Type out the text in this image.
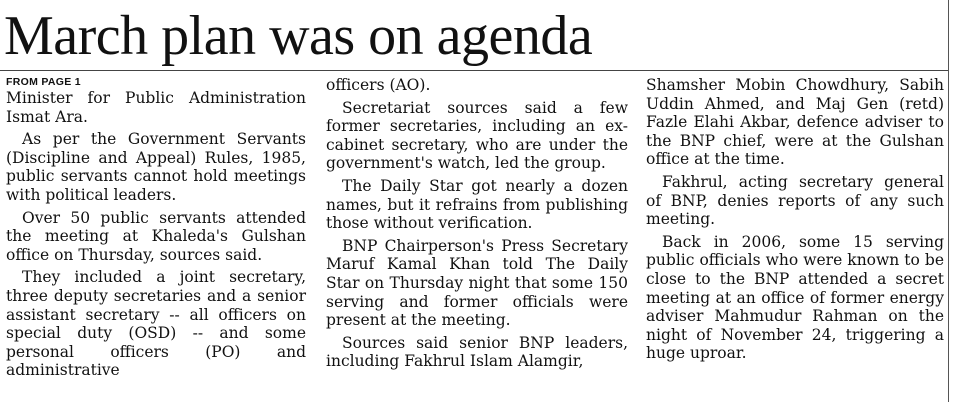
March plan was on agenda
FROM PAGE 1

Minister for Public Administration Ismat Ara.

As per the Government Servants (Discipline and Appeal) Rules, 1985, public servants cannot hold meetings with political leaders.

Over 50 public servants attended the meeting at Khaleda's Gulshan office on Thursday, sources said.

They included a joint secretary, three deputy secretaries and a senior assistant secretary -- all officers on special duty (OSD) -- and some personal officers (PO) and administrative

officers (AO).

Secretariat sources said a few former secretaries, including an ex-cabinet secretary, who are under the government's watch, led the group.

The Daily Star got nearly a dozen names, but it refrains from publishing those without verification.

BNP Chairperson's Press Secretary Maruf Kamal Khan told The Daily Star on Thursday night that some 150 serving and former officials were present at the meeting.

Sources said senior BNP leaders, including Fakhrul Islam Alamgir,

Shamsher Mobin Chowdhury, Sabih Uddin Ahmed, and Maj Gen (retd) Fazle Elahi Akbar, defence adviser to the BNP chief, were at the Gulshan office at the time.

Fakhrul, acting secretary general of BNP, denies reports of any such meeting.

Back in 2006, some 15 serving public officials who were known to be close to the BNP attended a secret meeting at an office of former energy adviser Mahmudur Rahman on the night of November 24, triggering a huge uproar.
